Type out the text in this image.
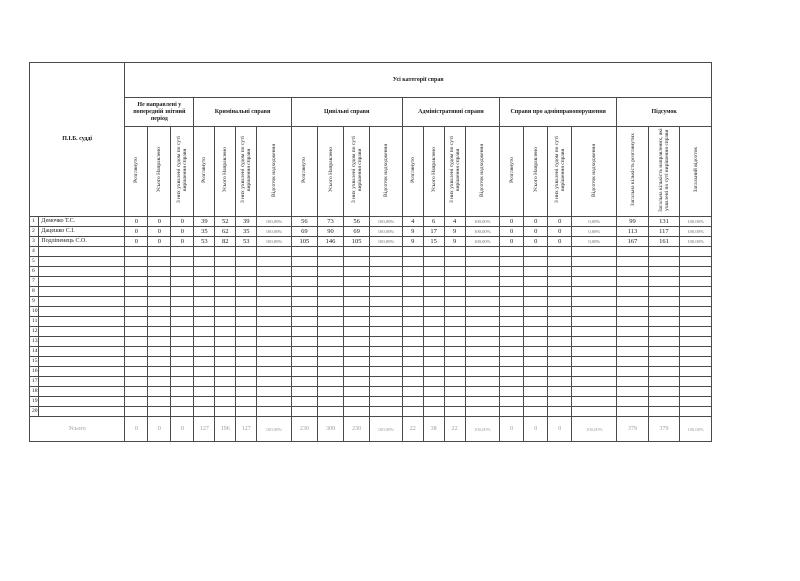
П.І.Б. судді		Усі категорії справ																					
		Не направлені у попередній звітний період			Кримінальні справи				Цивільні справи				Адміністративні справи				Справи про адмінправопорушення				Підсумок		
		Розглянуто	Усього Направлено	З них ухвалені судом по суті вирішення справи	Розглянуто	Усього Направлено	З них ухвалені судом по суті вирішення справи	Відсоток надходження	Розглянуто	Усього Направлено	З них ухвалені судом по суті вирішення справи	Відсоток надходження	Розглянуто	Усього Направлено	З них ухвалені судом по суті вирішення справи	Відсоток надходження	Розглянуто	Усього Направлено	З них ухвалені судом по суті вирішення справи	Відсоток надходження	Загальна кількість розглянутих	Загальна кількість направлених, які ухвалені по суті вирішення справи	Загальний відсоток
1	Демочко Т.С.	0	0	0	39	52	39	100,00%	56	73	56	100,00%	4	6	4	100,00%	0	0	0	0,00%	99	131	100,00%
2	Дацешко С.І.	0	0	0	35	62	35	100,00%	69	90	69	100,00%	9	17	9	100,00%	0	0	0	0,00%	113	117	100,00%
3	Подліпенець С.О.	0	0	0	53	82	53	100,00%	105	146	105	100,00%	9	15	9	100,00%	0	0	0	0,00%	167	161	100,00%
4																							
5																							
6																							
7																							
8																							
9																							
10																							
11																							
12																							
13																							
14																							
15																							
16																							
17																							
18																							
19																							
20																							
Усього		0	0	0	127	196	127	100,00%	230	309	230	100,00%	22	38	22	100,00%	0	0	0	100,00%	379	379	100,00%
